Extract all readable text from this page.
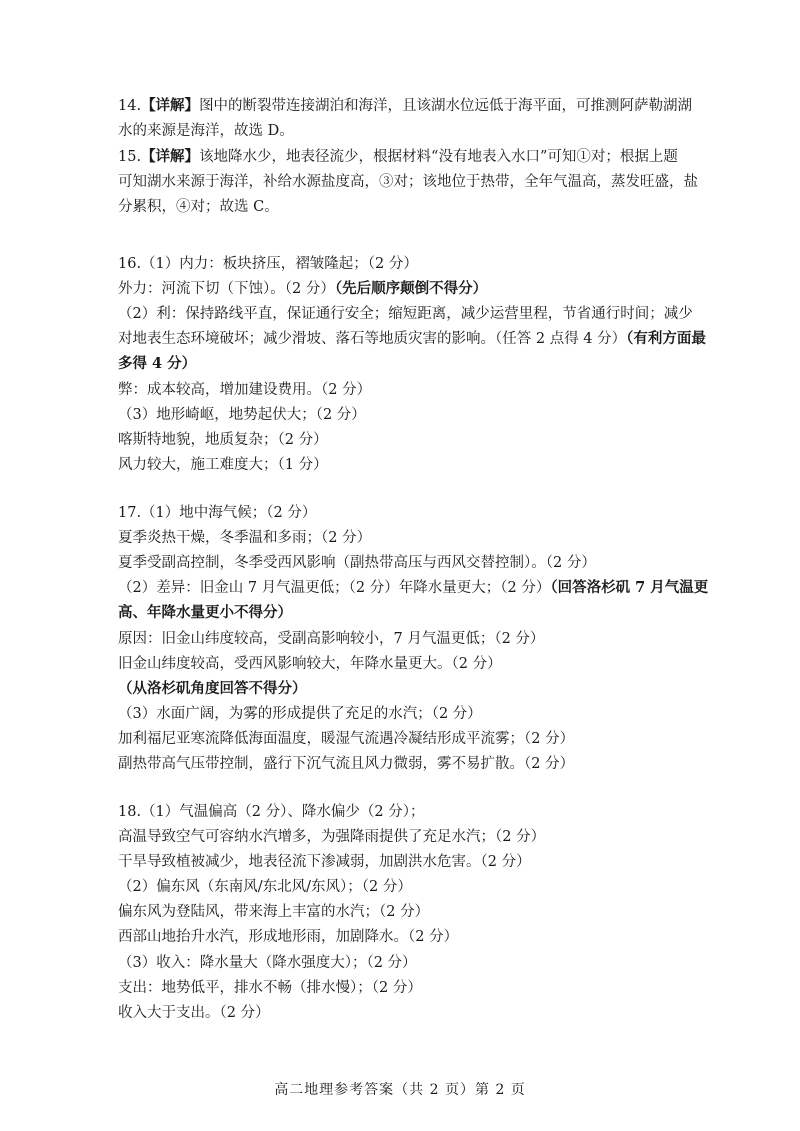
14.【详解】图中的断裂带连接湖泊和海洋，且该湖水位远低于海平面，可推测阿萨勒湖湖
水的来源是海洋，故选 D。
15.【详解】该地降水少，地表径流少，根据材料“没有地表入水口”可知①对；根据上题
可知湖水来源于海洋，补给水源盐度高，③对；该地位于热带，全年气温高，蒸发旺盛，盐
分累积，④对；故选 C。
16.（1）内力：板块挤压，褶皱隆起；（2 分）
外力：河流下切（下蚀）。（2 分）（先后顺序颠倒不得分）
（2）利：保持路线平直，保证通行安全；缩短距离，减少运营里程，节省通行时间；减少
对地表生态环境破坏；减少滑坡、落石等地质灾害的影响。（任答 2 点得 4 分）（有利方面最
多得 4 分）
弊：成本较高，增加建设费用。（2 分）
（3）地形崎岖，地势起伏大；（2 分）
喀斯特地貌，地质复杂；（2 分）
风力较大，施工难度大；（1 分）
17.（1）地中海气候；（2 分）
夏季炎热干燥，冬季温和多雨；（2 分）
夏季受副高控制，冬季受西风影响（副热带高压与西风交替控制）。（2 分）
（2）差异：旧金山 7 月气温更低；（2 分）年降水量更大；（2 分）（回答洛杉矶 7 月气温更
高、年降水量更小不得分）
原因：旧金山纬度较高，受副高影响较小，7 月气温更低；（2 分）
旧金山纬度较高，受西风影响较大，年降水量更大。（2 分）
（从洛杉矶角度回答不得分）
（3）水面广阔，为雾的形成提供了充足的水汽；（2 分）
加利福尼亚寒流降低海面温度，暖湿气流遇冷凝结形成平流雾；（2 分）
副热带高气压带控制，盛行下沉气流且风力微弱，雾不易扩散。（2 分）
18.（1）气温偏高（2 分）、降水偏少（2 分）；
高温导致空气可容纳水汽增多，为强降雨提供了充足水汽；（2 分）
干旱导致植被减少，地表径流下渗减弱，加剧洪水危害。（2 分）
（2）偏东风（东南风/东北风/东风）；（2 分）
偏东风为登陆风，带来海上丰富的水汽；（2 分）
西部山地抬升水汽，形成地形雨，加剧降水。（2 分）
（3）收入：降水量大（降水强度大）；（2 分）
支出：地势低平，排水不畅（排水慢）；（2 分）
收入大于支出。（2 分）
高二地理参考答案（共 2 页）第 2 页
